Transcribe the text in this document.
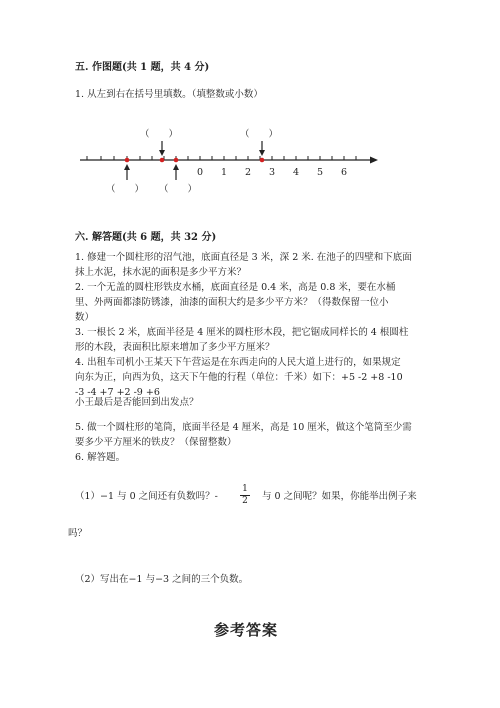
五. 作图题(共 1 题，共 4 分)
1. 从左到右在括号里填数。（填整数或小数）
（　　）	（　　）
（　　） （　　）
0 1 2 3 4 5 6
六. 解答题(共 6 题，共 32 分)
1. 修建一个圆柱形的沼气池，底面直径是 3 米，深 2 米. 在池子的四壁和下底面
抹上水泥，抹水泥的面积是多少平方米？
2. 一个无盖的圆柱形铁皮水桶，底面直径是 0.4 米，高是 0.8 米，要在水桶
里、外两面都漆防锈漆，油漆的面积大约是多少平方米？（得数保留一位小
数）
3. 一根长 2 米，底面半径是 4 厘米的圆柱形木段，把它锯成同样长的 4 根圆柱
形的木段，表面积比原来增加了多少平方厘米？
4. 出租车司机小王某天下午营运是在东西走向的人民大道上进行的，如果规定
向东为正，向西为负，这天下午他的行程（单位：千米）如下：+5 -2 +8 -10
-3 -4 +7 +2 -9 +6
小王最后是否能回到出发点？
5. 做一个圆柱形的笔筒，底面半径是 4 厘米，高是 10 厘米，做这个笔筒至少需
要多少平方厘米的铁皮？（保留整数）
6. 解答题。
（1）−1 与 0 之间还有负数吗？-
1
2 与 0 之间呢？如果，你能举出例子来
吗？
（2）写出在−1 与−3 之间的三个负数。
参考答案
